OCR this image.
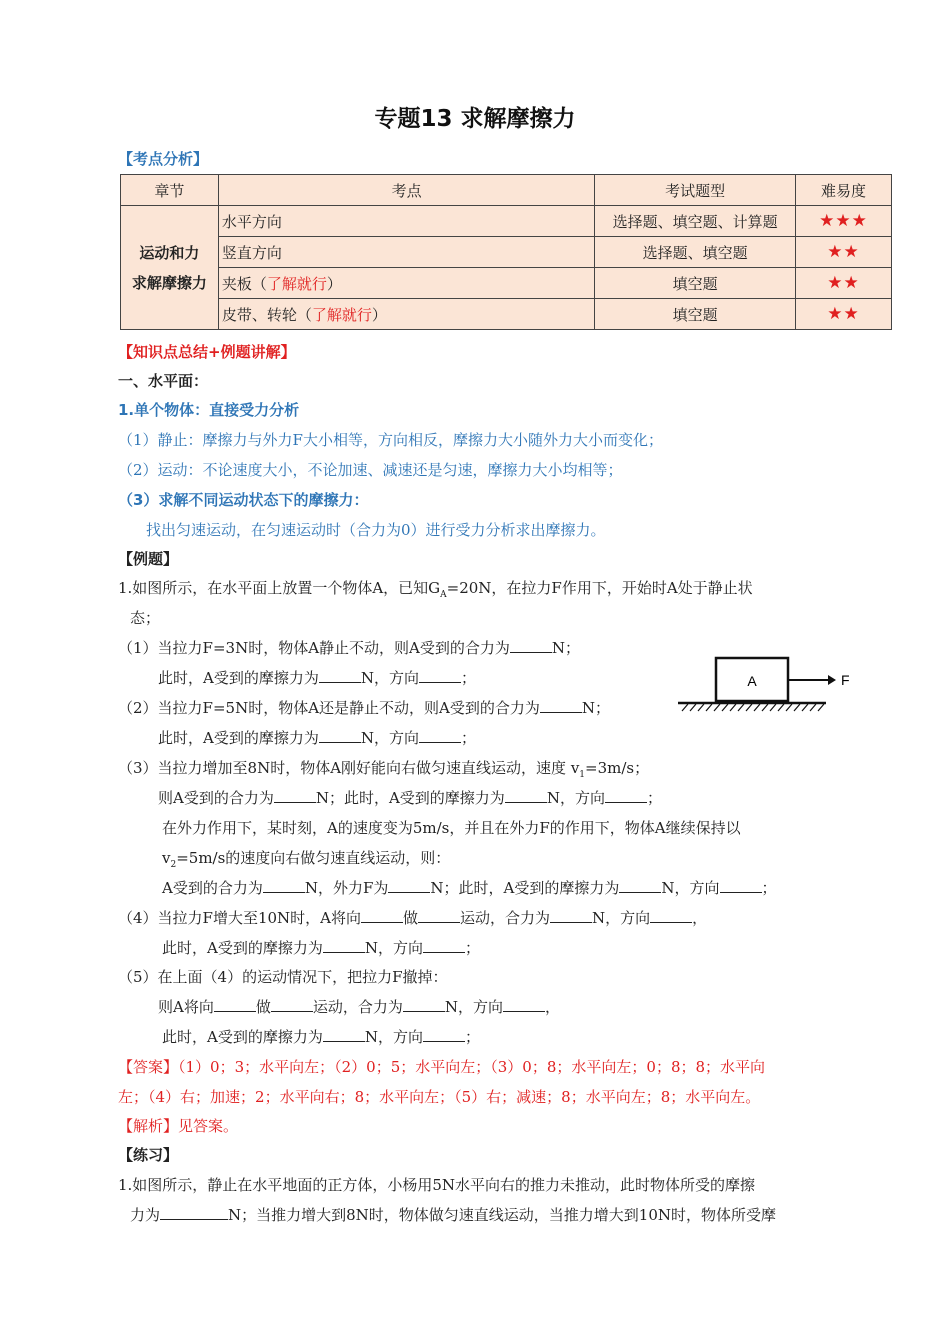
专题13 求解摩擦力
【考点分析】
章节	考点	考试题型	难易度
运动和力
求解摩擦力	水平方向	选择题、填空题、计算题	★★★
	竖直方向	选择题、填空题	★★
	夹板（了解就行）	填空题	★★
	皮带、转轮（了解就行）	填空题	★★
【知识点总结+例题讲解】
一、水平面：
1.单个物体：直接受力分析
（1）静止：摩擦力与外力F大小相等，方向相反，摩擦力大小随外力大小而变化；
（2）运动：不论速度大小，不论加速、减速还是匀速，摩擦力大小均相等；
（3）求解不同运动状态下的摩擦力：
找出匀速运动，在匀速运动时（合力为0）进行受力分析求出摩擦力。
【例题】
1.如图所示，在水平面上放置一个物体A，已知$G_A=20N$，在拉力F作用下，开始时A处于静止状
态；
（1）当拉力F=3N时，物体A静止不动，则A受到的合力为	N；
此时，A受到的摩擦力为	N，方向	；
（2）当拉力F=5N时，物体A还是静止不动，则A受到的合力为	N；
此时，A受到的摩擦力为	N，方向	；
A	F
（3）当拉力增加至8N时，物体A刚好能向右做匀速直线运动，速度 $v_1=3m/s$；
则A受到的合力为	N；此时，A受到的摩擦力为	N，方向	；
在外力作用下，某时刻，A的速度变为5m/s，并且在外力F的作用下，物体A继续保持以
$v_2=5m/s$的速度向右做匀速直线运动，则：
A受到的合力为	N，外力F为	N；此时，A受到的摩擦力为	N，方向	；
（4）当拉力F增大至10N时，A将向	做	运动，合力为	N，方向	，
此时，A受到的摩擦力为	N，方向	；
（5）在上面（4）的运动情况下，把拉力F撤掉：
则A将向	做	运动，合力为	N，方向	，
此时，A受到的摩擦力为	N，方向	；
【答案】（1）0；3；水平向左；（2）0；5；水平向左；（3）0；8；水平向左；0；8；8；水平向
左；（4）右；加速；2；水平向右；8；水平向左；（5）右；减速；8；水平向左；8；水平向左。
【解析】见答案。
【练习】
1.如图所示，静止在水平地面的正方体，小杨用5N水平向右的推力未推动，此时物体所受的摩擦
力为	N；当推力增大到8N时，物体做匀速直线运动，当推力增大到10N时，物体所受摩
